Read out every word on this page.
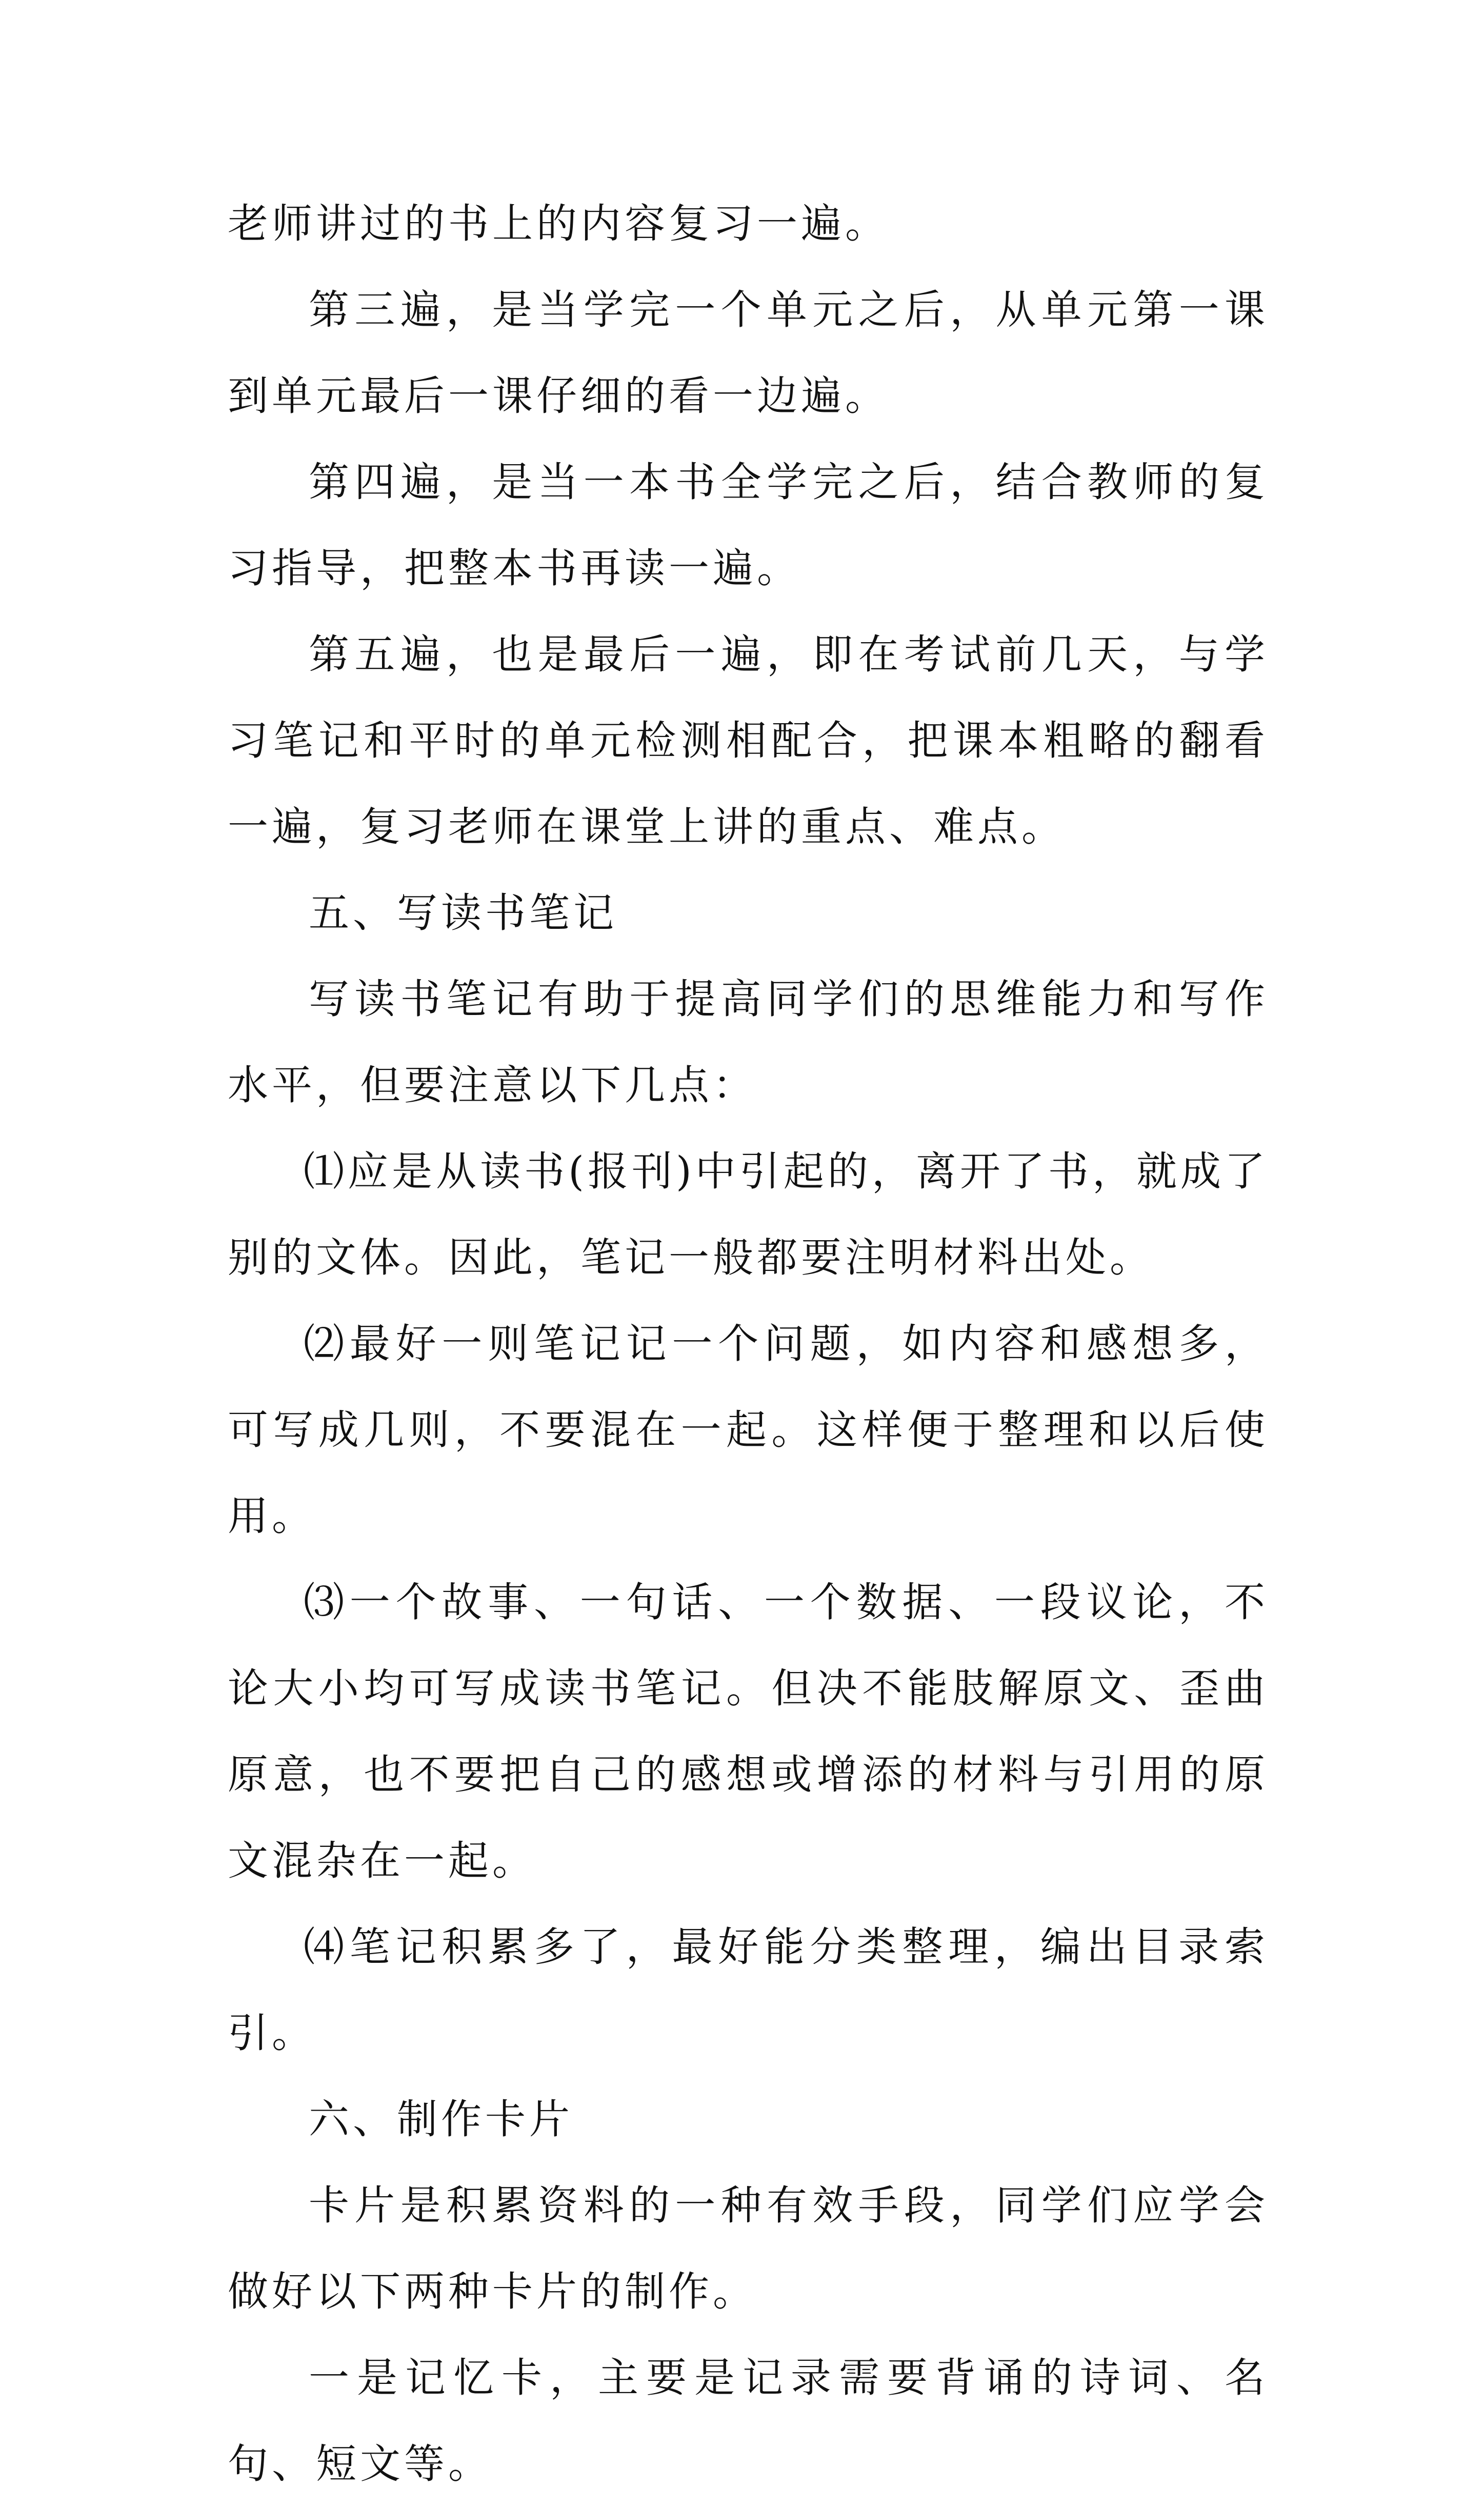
老师讲过的书上的内容复习一遍。

第三遍，是当学完一个单元之后，从单元第一课到单元最后一课仔细的看一边遍。

第四遍，是当一本书全学完之后，结合教师的复习指导，把整本书再读一遍。

第五遍，也是最后一遍，即在考试前几天，与学习笔记和平时的单元检测相配合，把课本粗略的翻看一遍，复习老师在课堂上讲的重点、难点。

五、写读书笔记

写读书笔记有助于提高同学们的思维能力和写作水平，但要注意以下几点：

⑴应是从读书(报刊)中引起的，离开了书，就成了别的文体。因此，笔记一般都要注明材料出处。

⑵最好一则笔记记一个问题，如内容和感想多，可写成几则，不要混在一起。这样便于整理和以后使用。

⑶一个故事、一句话、一个数据、一段议论，不论大小均可写成读书笔记。但决不能肢解原文、歪曲原意，也不要把自己的感想或增添的材料与引用的原文混杂在一起。

⑷笔记积累多了，最好能分类整理，编出目录索引。

六、制作卡片

卡片是积累资料的一种有效手段，同学们应学会做好以下两种卡片的制作。

一是记忆卡，主要是记录需要背诵的诗词、名句、短文等。
